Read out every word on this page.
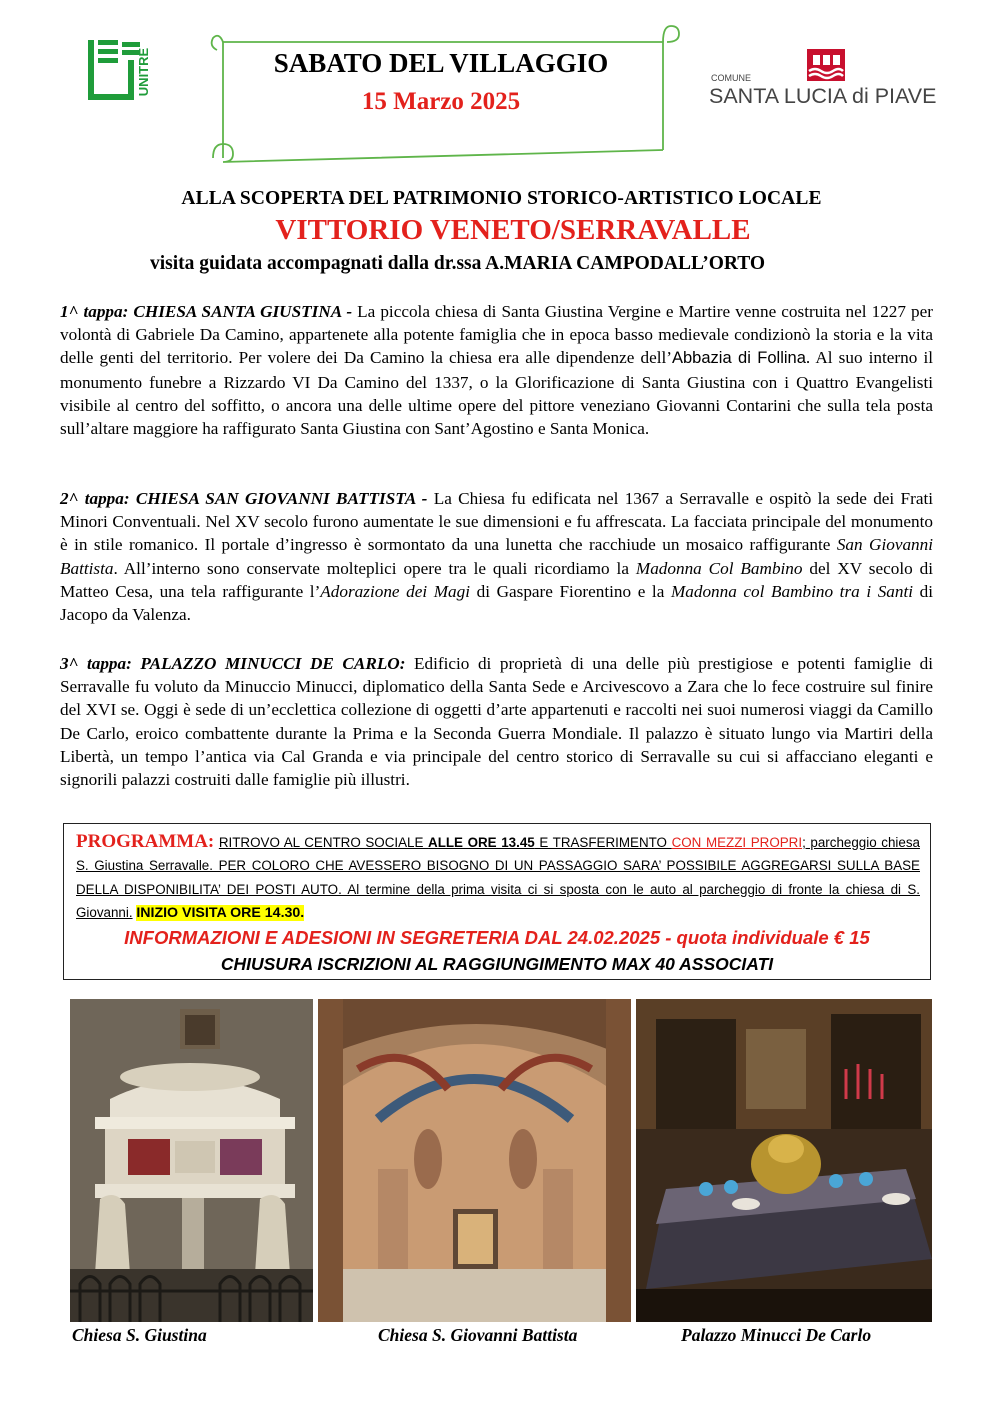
UNITRE	SABATO DEL VILLAGGIO
15 Marzo 2025
COMUNE
SANTA LUCIA di PIAVE
ALLA SCOPERTA DEL PATRIMONIO STORICO-ARTISTICO LOCALE
VITTORIO VENETO/SERRAVALLE
visita guidata accompagnati dalla dr.ssa A.MARIA CAMPODALL’ORTO
1^ tappa: CHIESA SANTA GIUSTINA - La piccola chiesa di Santa Giustina Vergine e Martire venne costruita nel 1227 per volontà di Gabriele Da Camino, appartenete alla potente famiglia che in epoca basso medievale condizionò la storia e la vita delle genti del territorio. Per volere dei Da Camino la chiesa era alle dipendenze dell’Abbazia di Follina. Al suo interno il monumento funebre a Rizzardo VI Da Camino del 1337, o la Glorificazione di Santa Giustina con i Quattro Evangelisti visibile al centro del soffitto, o ancora una delle ultime opere del pittore veneziano Giovanni Contarini che sulla tela posta sull’altare maggiore ha raffigurato Santa Giustina con Sant’Agostino e Santa Monica.
2^ tappa: CHIESA SAN GIOVANNI BATTISTA - La Chiesa fu edificata nel 1367 a Serravalle e ospitò la sede dei Frati Minori Conventuali. Nel XV secolo furono aumentate le sue dimensioni e fu affrescata. La facciata principale del monumento è in stile romanico. Il portale d’ingresso è sormontato da una lunetta che racchiude un mosaico raffigurante San Giovanni Battista. All’interno sono conservate molteplici opere tra le quali ricordiamo la Madonna Col Bambino del XV secolo di Matteo Cesa, una tela raffigurante l’Adorazione dei Magi di Gaspare Fiorentino e la Madonna col Bambino tra i Santi di Jacopo da Valenza.
3^ tappa: PALAZZO MINUCCI DE CARLO: Edificio di proprietà di una delle più prestigiose e potenti famiglie di Serravalle fu voluto da Minuccio Minucci, diplomatico della Santa Sede e Arcivescovo a Zara che lo fece costruire sul finire del XVI se. Oggi è sede di un’ecclettica collezione di oggetti d’arte appartenuti e raccolti nei suoi numerosi viaggi da Camillo De Carlo, eroico combattente durante la Prima e la Seconda Guerra Mondiale. Il palazzo è situato lungo via Martiri della Libertà, un tempo l’antica via Cal Granda e via principale del centro storico di Serravalle su cui si affacciano eleganti e signorili palazzi costruiti dalle famiglie più illustri.
PROGRAMMA: RITROVO AL CENTRO SOCIALE ALLE ORE 13.45 E TRASFERIMENTO CON MEZZI PROPRI; parcheggio chiesa S. Giustina Serravalle. PER COLORO CHE AVESSERO BISOGNO DI UN PASSAGGIO SARA’ POSSIBILE AGGREGARSI SULLA BASE DELLA DISPONIBILITA’ DEI POSTI AUTO. Al termine della prima visita ci si sposta con le auto al parcheggio di fronte la chiesa di S. Giovanni. INIZIO VISITA ORE 14.30.
INFORMAZIONI E ADESIONI IN SEGRETERIA DAL 24.02.2025 - quota individuale € 15
CHIUSURA ISCRIZIONI AL RAGGIUNGIMENTO MAX 40 ASSOCIATI
Chiesa S. Giustina	Chiesa S. Giovanni Battista	Palazzo Minucci De Carlo
